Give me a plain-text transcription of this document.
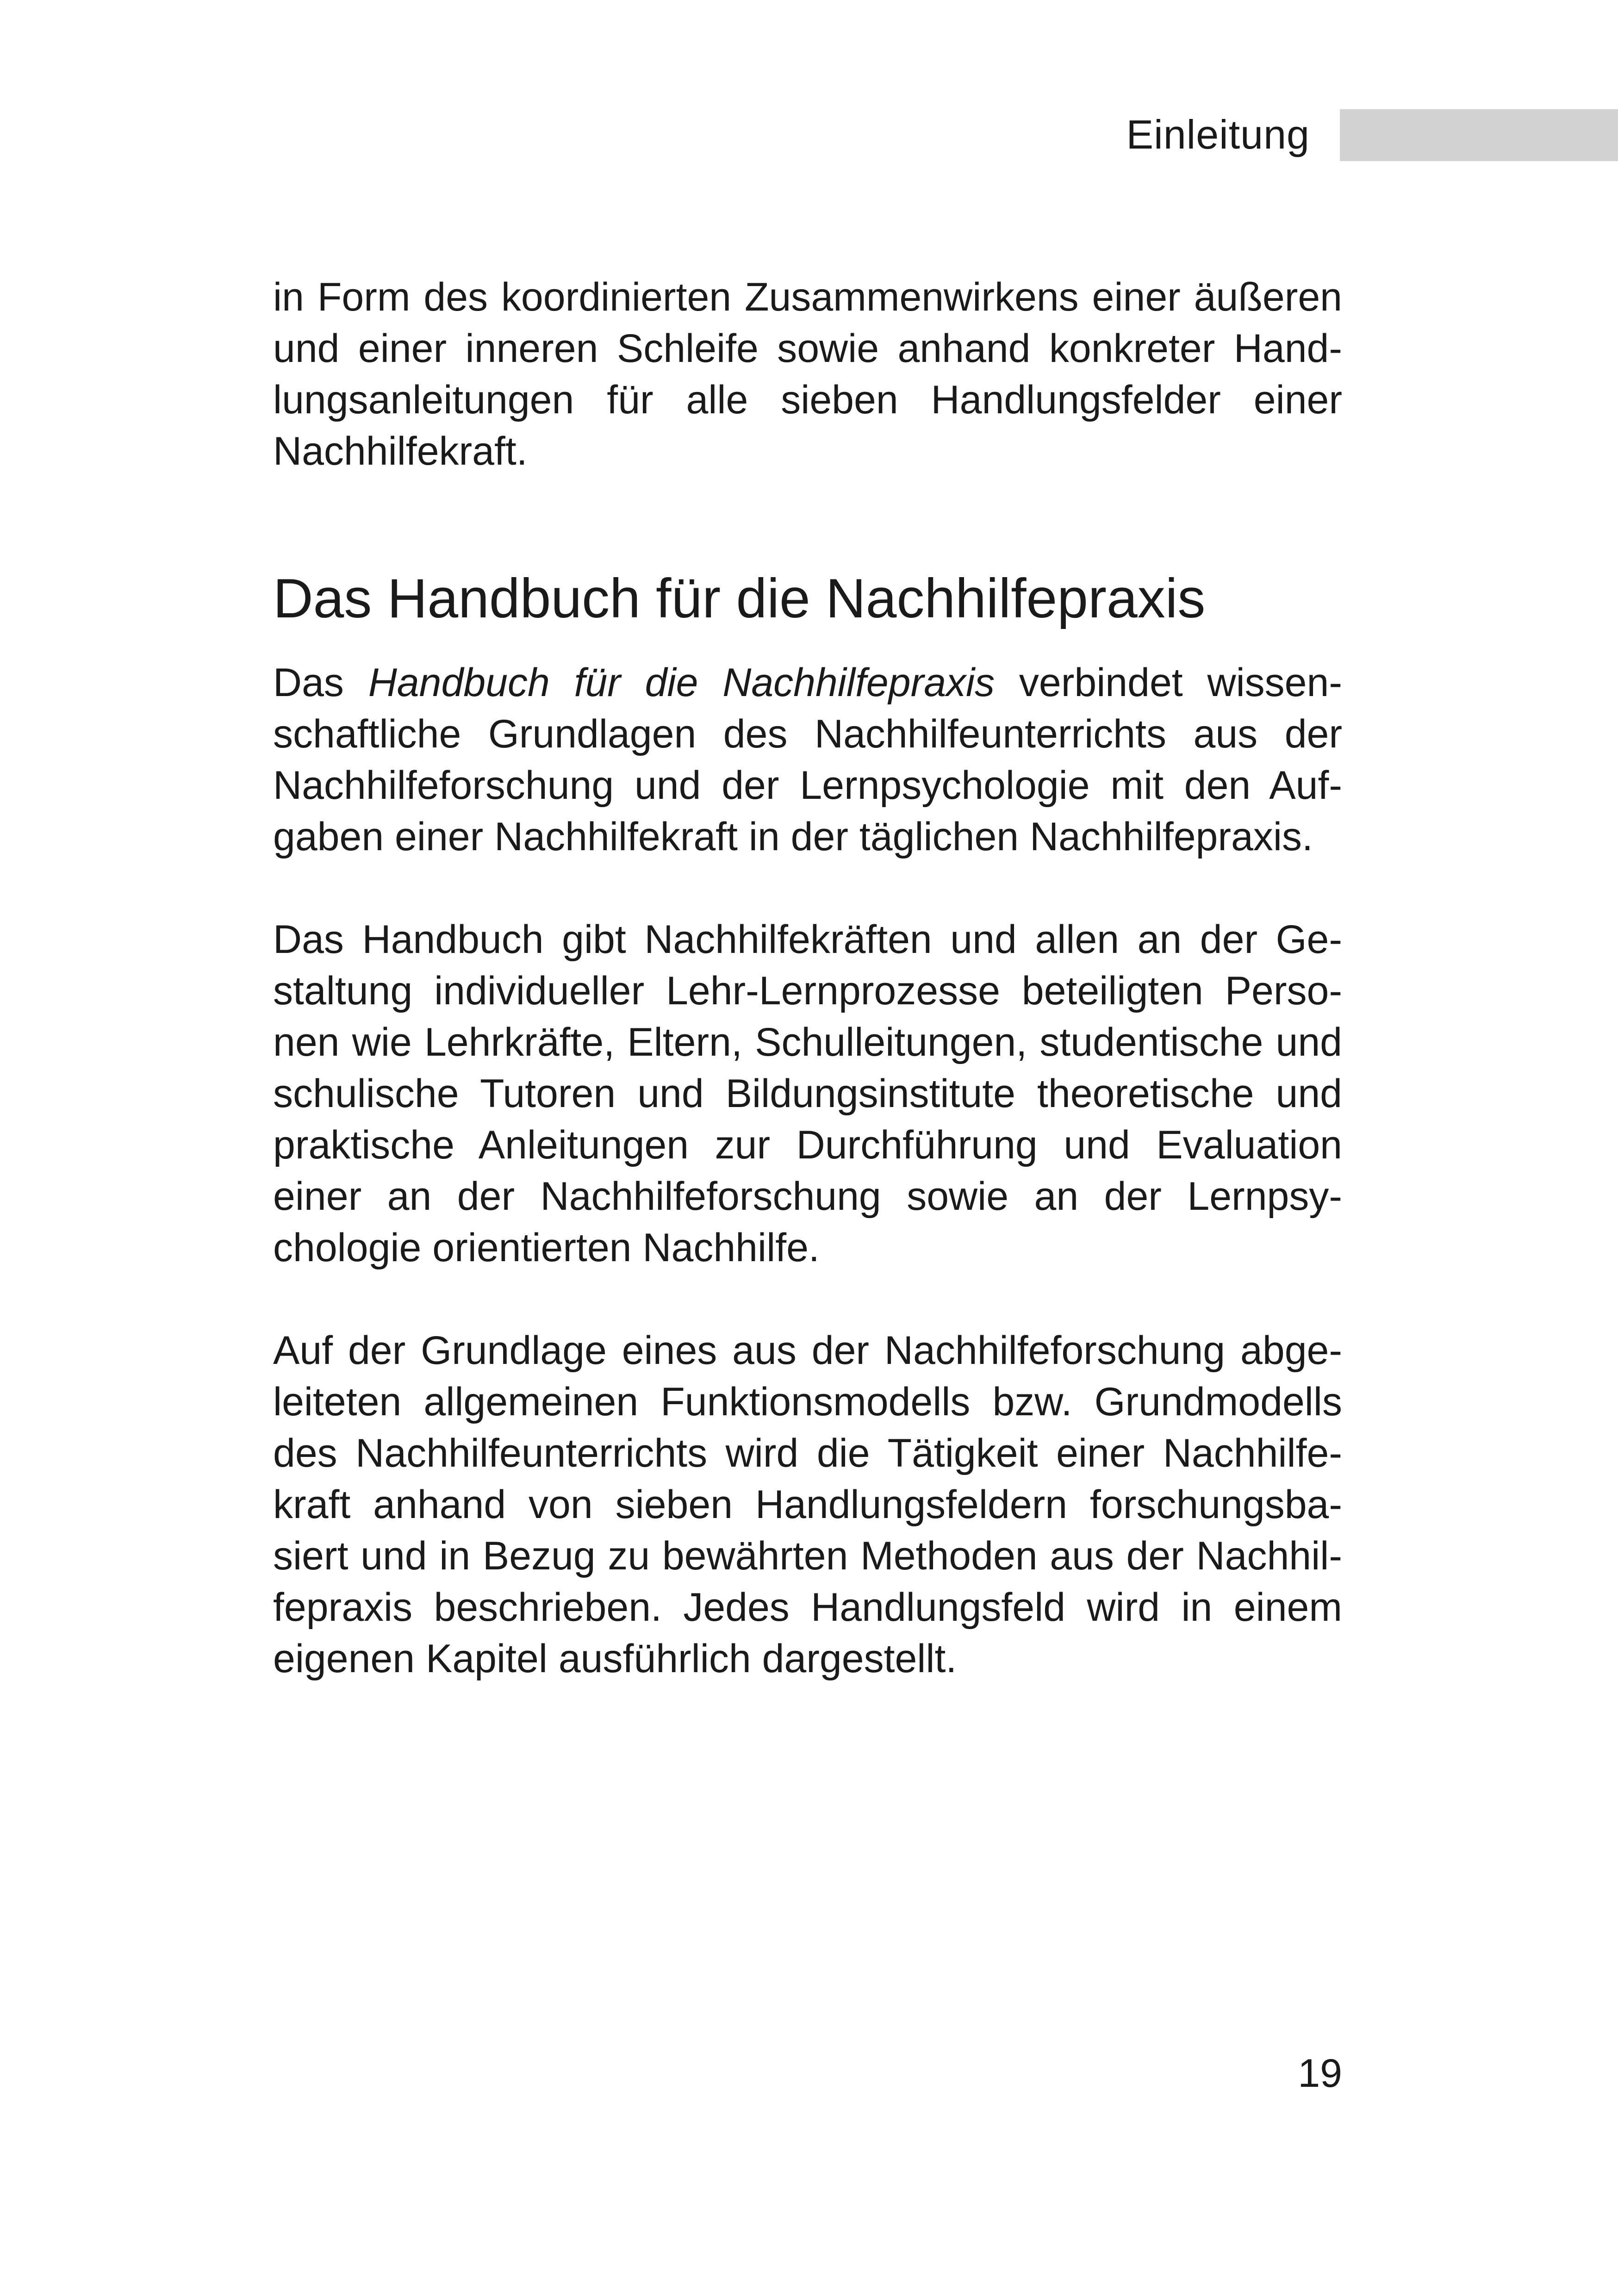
Einleitung

in Form des koordinierten Zusammenwirkens einer äußeren und einer inneren Schleife sowie anhand konkreter Handlungsanleitungen für alle sieben Handlungsfelder einer Nachhilfekraft.

Das Handbuch für die Nachhilfepraxis

Das Handbuch für die Nachhilfepraxis verbindet wissenschaftliche Grundlagen des Nachhilfeunterrichts aus der Nachhilfeforschung und der Lernpsychologie mit den Aufgaben einer Nachhilfekraft in der täglichen Nachhilfepraxis.

Das Handbuch gibt Nachhilfekräften und allen an der Gestaltung individueller Lehr-Lernprozesse beteiligten Personen wie Lehrkräfte, Eltern, Schulleitungen, studentische und schulische Tutoren und Bildungsinstitute theoretische und praktische Anleitungen zur Durchführung und Evaluation einer an der Nachhilfeforschung sowie an der Lernpsychologie orientierten Nachhilfe.

Auf der Grundlage eines aus der Nachhilfeforschung abgeleiteten allgemeinen Funktionsmodells bzw. Grundmodells des Nachhilfeunterrichts wird die Tätigkeit einer Nachhilfekraft anhand von sieben Handlungsfeldern forschungsbasiert und in Bezug zu bewährten Methoden aus der Nachhilfepraxis beschrieben. Jedes Handlungsfeld wird in einem eigenen Kapitel ausführlich dargestellt.

19
